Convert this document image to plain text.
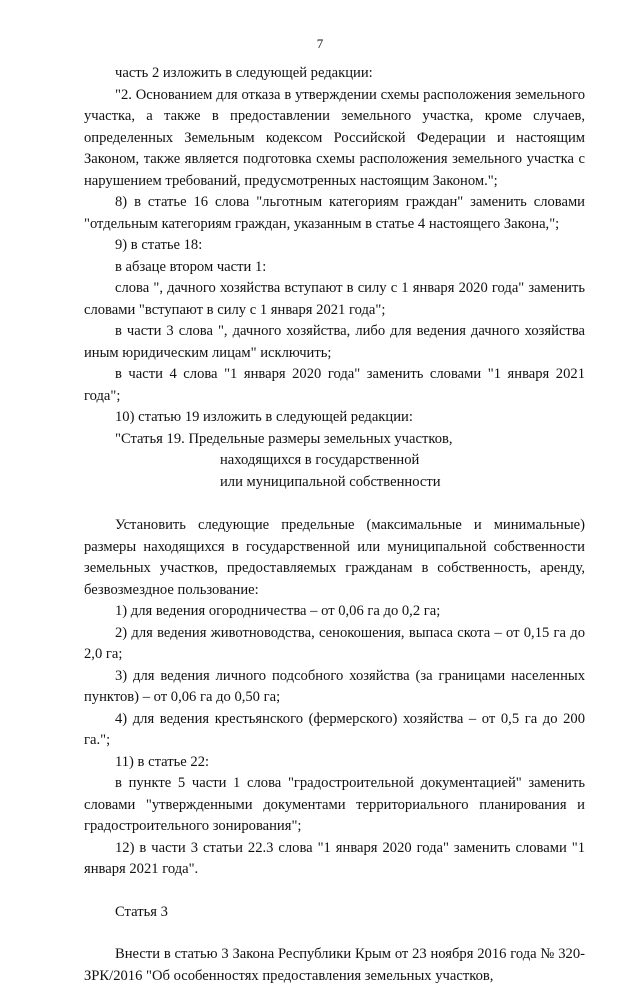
7

часть 2 изложить в следующей редакции:

"2. Основанием для отказа в утверждении схемы расположения земельного участка, а также в предоставлении земельного участка, кроме случаев, определенных Земельным кодексом Российской Федерации и настоящим Законом, также является подготовка схемы расположения земельного участка с нарушением требований, предусмотренных настоящим Законом.";

8) в статье 16 слова "льготным категориям граждан" заменить словами "отдельным категориям граждан, указанным в статье 4 настоящего Закона,";

9) в статье 18:

в абзаце втором части 1:

слова ", дачного хозяйства вступают в силу с 1 января 2020 года" заменить словами "вступают в силу с 1 января 2021 года";

в части 3 слова ", дачного хозяйства, либо для ведения дачного хозяйства иным юридическим лицам" исключить;

в части 4 слова "1 января 2020 года" заменить словами "1 января 2021 года";

10) статью 19 изложить в следующей редакции:

"Статья 19. Предельные размеры земельных участков,
находящихся в государственной
или муниципальной собственности

Установить следующие предельные (максимальные и минимальные) размеры находящихся в государственной или муниципальной собственности земельных участков, предоставляемых гражданам в собственность, аренду, безвозмездное пользование:

1) для ведения огородничества – от 0,06 га до 0,2 га;

2) для ведения животноводства, сенокошения, выпаса скота – от 0,15 га до 2,0 га;

3) для ведения личного подсобного хозяйства (за границами населенных пунктов) – от 0,06 га до 0,50 га;

4) для ведения крестьянского (фермерского) хозяйства – от 0,5 га до 200 га.";

11) в статье 22:

в пункте 5 части 1 слова "градостроительной документацией" заменить словами "утвержденными документами территориального планирования и градостроительного зонирования";

12) в части 3 статьи 22.3 слова "1 января 2020 года" заменить словами "1 января 2021 года".

Статья 3

Внести в статью 3 Закона Республики Крым от 23 ноября 2016 года № 320-ЗРК/2016 "Об особенностях предоставления земельных участков,
